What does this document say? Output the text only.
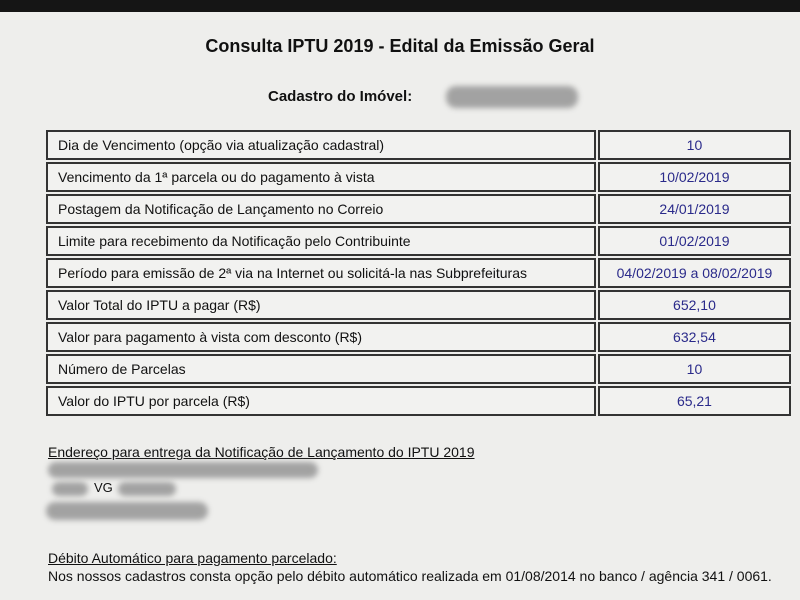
Consulta IPTU 2019 - Edital da Emissão Geral
Cadastro do Imóvel:
Dia de Vencimento (opção via atualização cadastral)	10
Vencimento da 1ª parcela ou do pagamento à vista	10/02/2019
Postagem da Notificação de Lançamento no Correio	24/01/2019
Limite para recebimento da Notificação pelo Contribuinte	01/02/2019
Período para emissão de 2ª via na Internet ou solicitá-la nas Subprefeituras	04/02/2019 a 08/02/2019
Valor Total do IPTU a pagar (R$)	652,10
Valor para pagamento à vista com desconto (R$)	632,54
Número de Parcelas	10
Valor do IPTU por parcela (R$)	65,21
Endereço para entrega da Notificação de Lançamento do IPTU 2019
VG
Débito Automático para pagamento parcelado:
Nos nossos cadastros consta opção pelo débito automático realizada em 01/08/2014 no banco / agência 341 / 0061.
